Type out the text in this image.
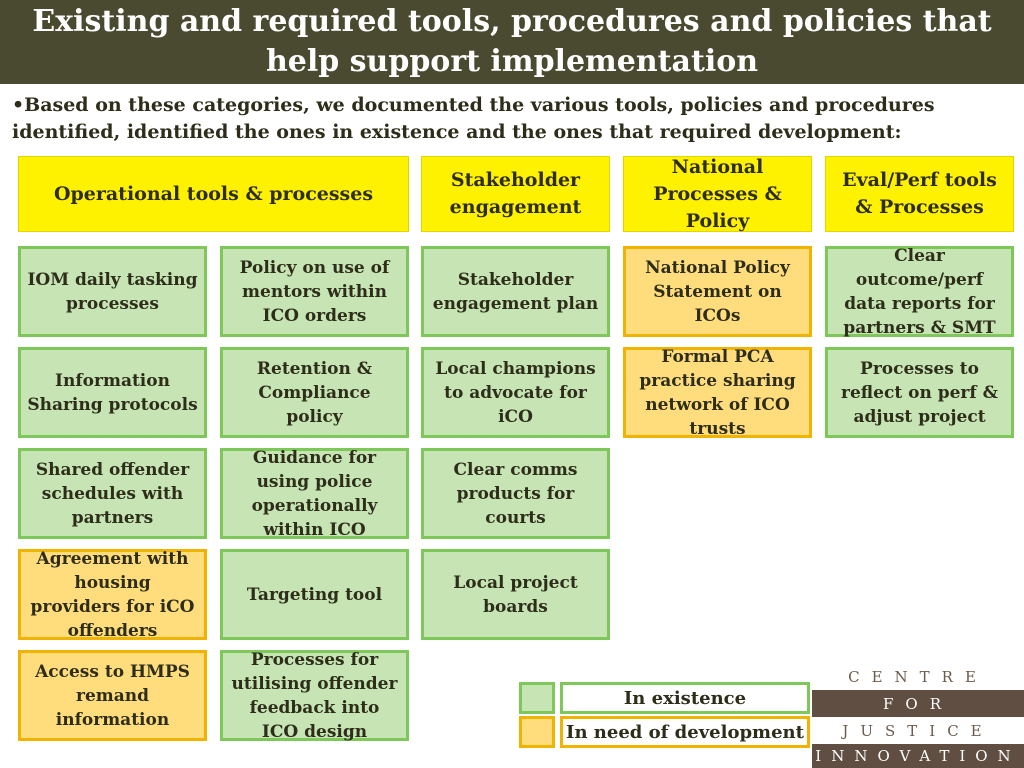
Existing and required tools, procedures and policies that help support implementation
•Based on these categories, we documented the various tools, policies and procedures identified, identified the ones in existence and the ones that required development:
Operational tools & processes
Stakeholder engagement
National Processes & Policy
Eval/Perf tools & Processes
IOM daily tasking processes
Information Sharing protocols
Shared offender schedules with partners
Agreement with housing providers for iCO offenders
Access to HMPS remand information
Policy on use of mentors within ICO orders
Retention & Compliance policy
Guidance for using police operationally within ICO
Targeting tool
Processes for utilising offender feedback into ICO design
Stakeholder engagement plan
Local champions to advocate for iCO
Clear comms products for courts
Local project boards
National Policy Statement on ICOs
Formal PCA practice sharing network of ICO trusts
Clear outcome/perf data reports for partners & SMT
Processes to reflect on perf & adjust project
In existence
In need of development
CENTRE
FOR
JUSTICE
INNOVATION
